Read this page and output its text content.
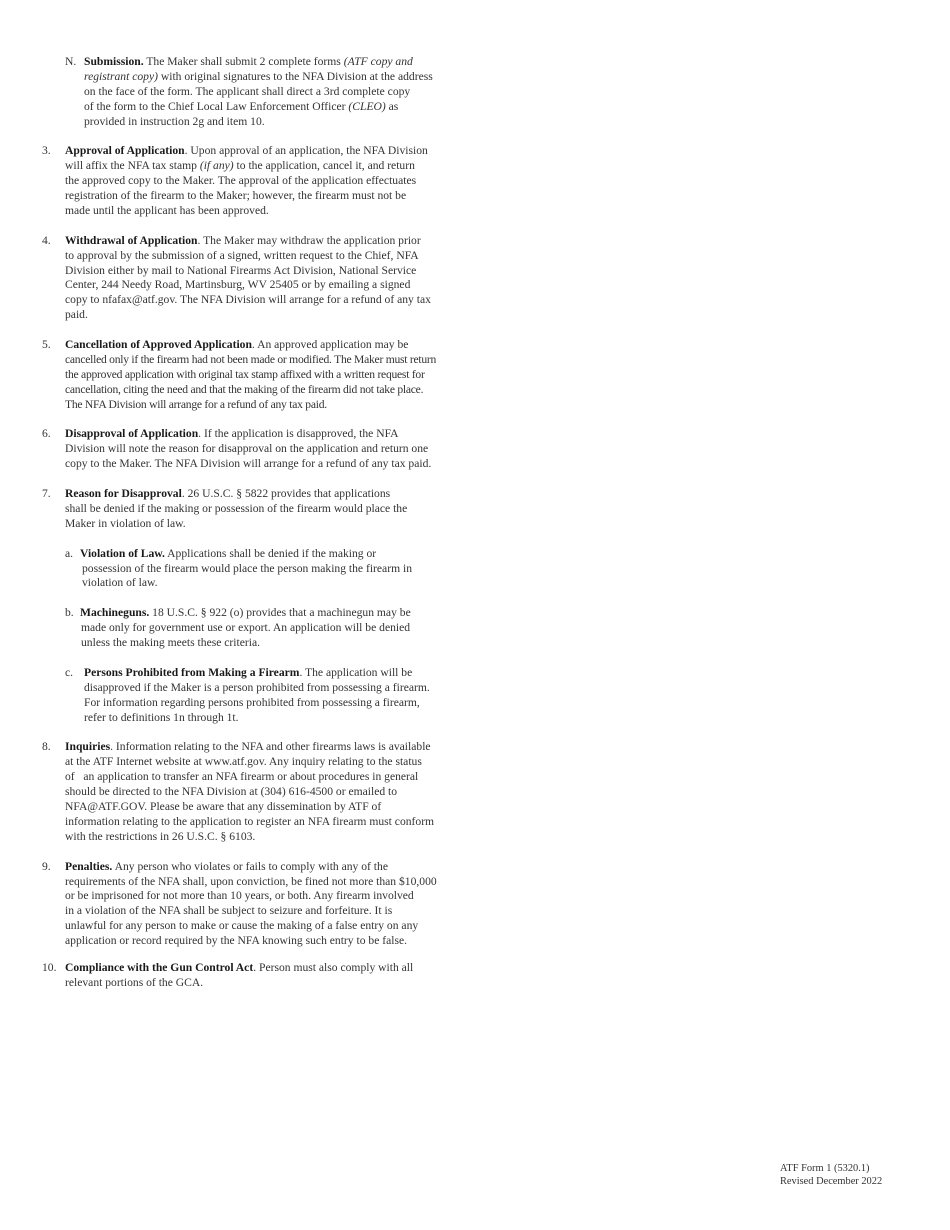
N. Submission. The Maker shall submit 2 complete forms (ATF copy and
registrant copy) with original signatures to the NFA Division at the address
on the face of the form. The applicant shall direct a 3rd complete copy
of the form to the Chief Local Law Enforcement Officer (CLEO) as
provided in instruction 2g and item 10.
3. Approval of Application. Upon approval of an application, the NFA Division
will affix the NFA tax stamp (if any) to the application, cancel it, and return
the approved copy to the Maker. The approval of the application effectuates
registration of the firearm to the Maker; however, the firearm must not be
made until the applicant has been approved.
4. Withdrawal of Application. The Maker may withdraw the application prior
to approval by the submission of a signed, written request to the Chief, NFA
Division either by mail to National Firearms Act Division, National Service
Center, 244 Needy Road, Martinsburg, WV 25405 or by emailing a signed
copy to nfafax@atf.gov. The NFA Division will arrange for a refund of any tax
paid.
5. Cancellation of Approved Application. An approved application may be
cancelled only if the firearm had not been made or modified. The Maker must return
the approved application with original tax stamp affixed with a written request for
cancellation, citing the need and that the making of the firearm did not take place.
The NFA Division will arrange for a refund of any tax paid.
6. Disapproval of Application. If the application is disapproved, the NFA
Division will note the reason for disapproval on the application and return one
copy to the Maker. The NFA Division will arrange for a refund of any tax paid.
7. Reason for Disapproval. 26 U.S.C. § 5822 provides that applications
shall be denied if the making or possession of the firearm would place the
Maker in violation of law.
a. Violation of Law. Applications shall be denied if the making or
possession of the firearm would place the person making the firearm in
violation of law.
b. Machineguns. 18 U.S.C. § 922 (o) provides that a machinegun may be
made only for government use or export. An application will be denied
unless the making meets these criteria.
c. Persons Prohibited from Making a Firearm. The application will be
disapproved if the Maker is a person prohibited from possessing a firearm.
For information regarding persons prohibited from possessing a firearm,
refer to definitions 1n through 1t.
8. Inquiries. Information relating to the NFA and other firearms laws is available
at the ATF Internet website at www.atf.gov. Any inquiry relating to the status
of   an application to transfer an NFA firearm or about procedures in general
should be directed to the NFA Division at (304) 616-4500 or emailed to
NFA@ATF.GOV. Please be aware that any dissemination by ATF of
information relating to the application to register an NFA firearm must conform
with the restrictions in 26 U.S.C. § 6103.
9. Penalties. Any person who violates or fails to comply with any of the
requirements of the NFA shall, upon conviction, be fined not more than $10,000
or be imprisoned for not more than 10 years, or both. Any firearm involved
in a violation of the NFA shall be subject to seizure and forfeiture. It is
unlawful for any person to make or cause the making of a false entry on any
application or record required by the NFA knowing such entry to be false.
10. Compliance with the Gun Control Act. Person must also comply with all
relevant portions of the GCA.
ATF Form 1 (5320.1)
Revised December 2022
